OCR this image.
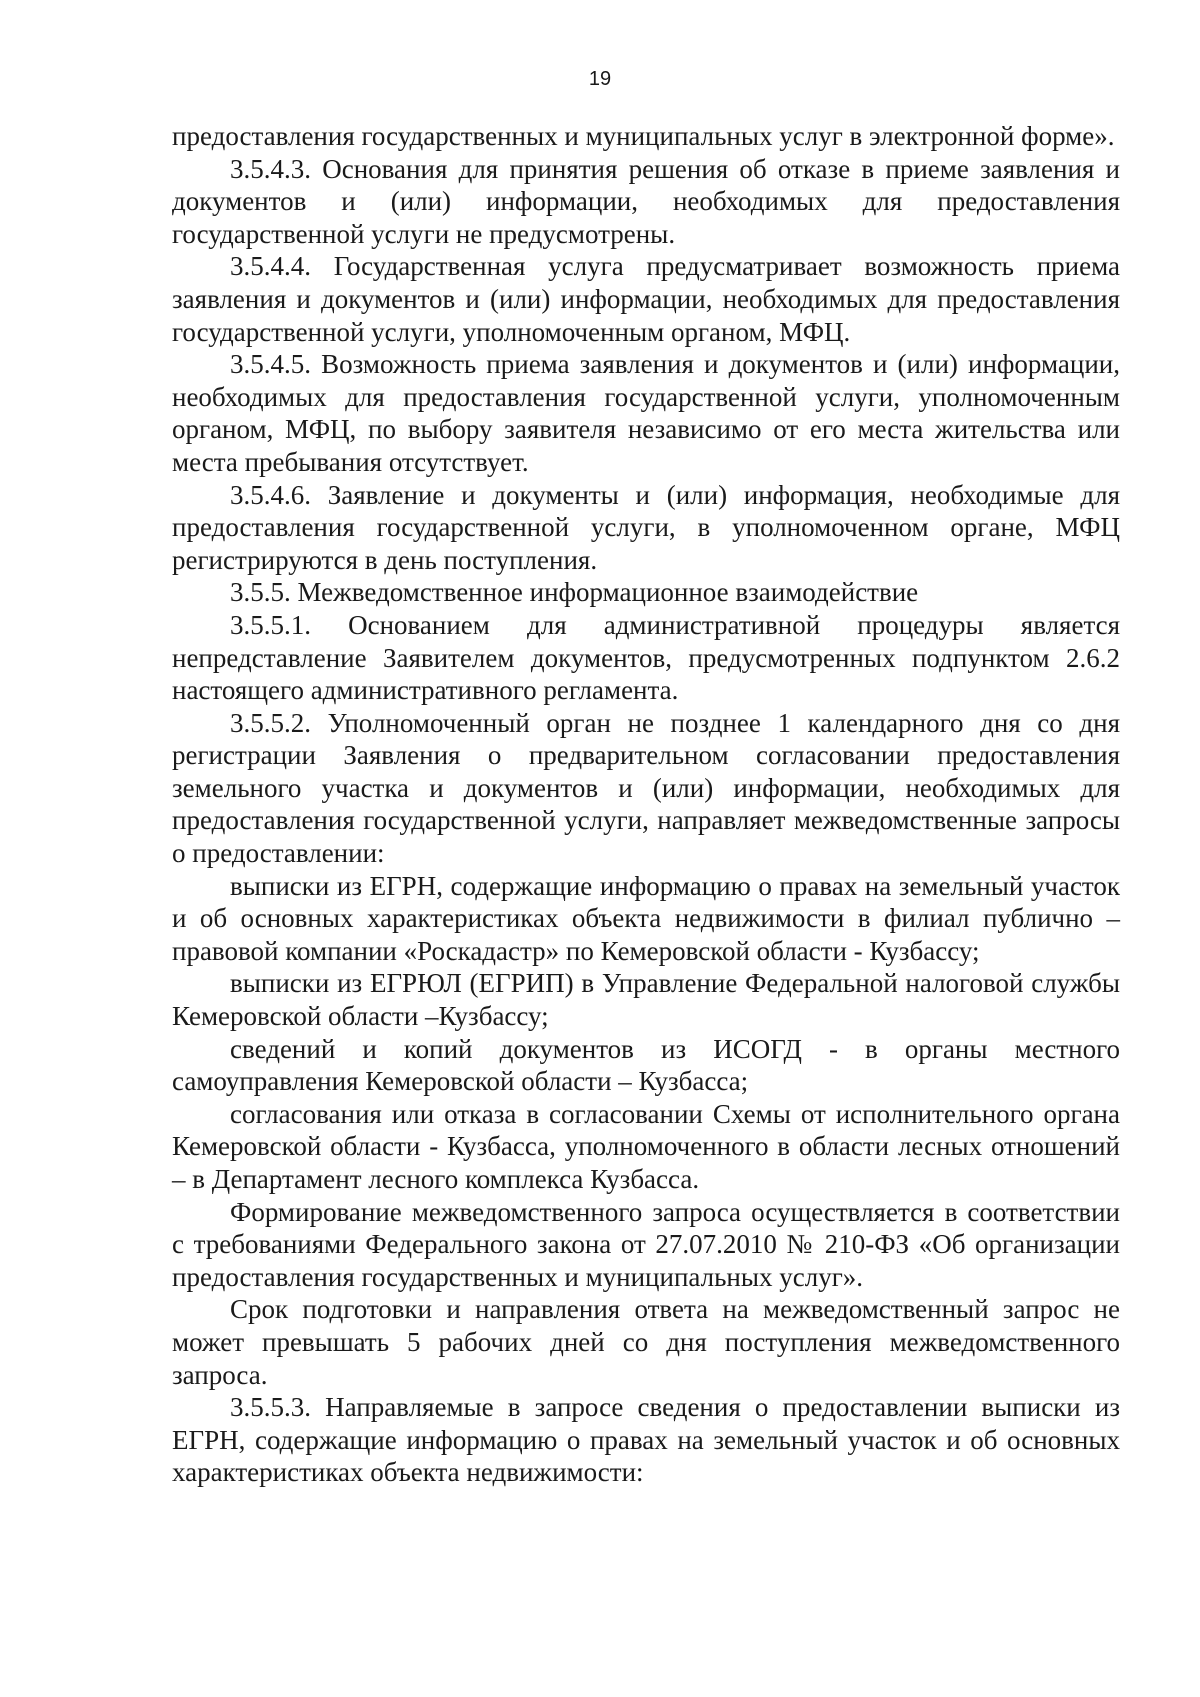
19

предоставления государственных и муниципальных услуг в электронной форме».

3.5.4.3. Основания для принятия решения об отказе в приеме заявления и документов и (или) информации, необходимых для предоставления государственной услуги не предусмотрены.

3.5.4.4. Государственная услуга предусматривает возможность приема заявления и документов и (или) информации, необходимых для предоставления государственной услуги, уполномоченным органом, МФЦ.

3.5.4.5. Возможность приема заявления и документов и (или) информации, необходимых для предоставления государственной услуги, уполномоченным органом, МФЦ, по выбору заявителя независимо от его места жительства или места пребывания отсутствует.

3.5.4.6. Заявление и документы и (или) информация, необходимые для предоставления государственной услуги, в уполномоченном органе, МФЦ регистрируются в день поступления.

3.5.5. Межведомственное информационное взаимодействие

3.5.5.1. Основанием для административной процедуры является непредставление Заявителем документов, предусмотренных подпунктом 2.6.2 настоящего административного регламента.

3.5.5.2. Уполномоченный орган не позднее 1 календарного дня со дня регистрации Заявления о предварительном согласовании предоставления земельного участка и документов и (или) информации, необходимых для предоставления государственной услуги, направляет межведомственные запросы о предоставлении:

выписки из ЕГРН, содержащие информацию о правах на земельный участок и об основных характеристиках объекта недвижимости в филиал публично – правовой компании «Роскадастр» по Кемеровской области - Кузбассу;

выписки из ЕГРЮЛ (ЕГРИП) в Управление Федеральной налоговой службы Кемеровской области –Кузбассу;

сведений и копий документов из ИСОГД - в органы местного самоуправления Кемеровской области – Кузбасса;

согласования или отказа в согласовании Схемы от исполнительного органа Кемеровской области - Кузбасса, уполномоченного в области лесных отношений – в Департамент лесного комплекса Кузбасса.

Формирование межведомственного запроса осуществляется в соответствии с требованиями Федерального закона от 27.07.2010 № 210-ФЗ «Об организации предоставления государственных и муниципальных услуг».

Срок подготовки и направления ответа на межведомственный запрос не может превышать 5 рабочих дней со дня поступления межведомственного запроса.

3.5.5.3. Направляемые в запросе сведения о предоставлении выписки из ЕГРН, содержащие информацию о правах на земельный участок и об основных характеристиках объекта недвижимости:
